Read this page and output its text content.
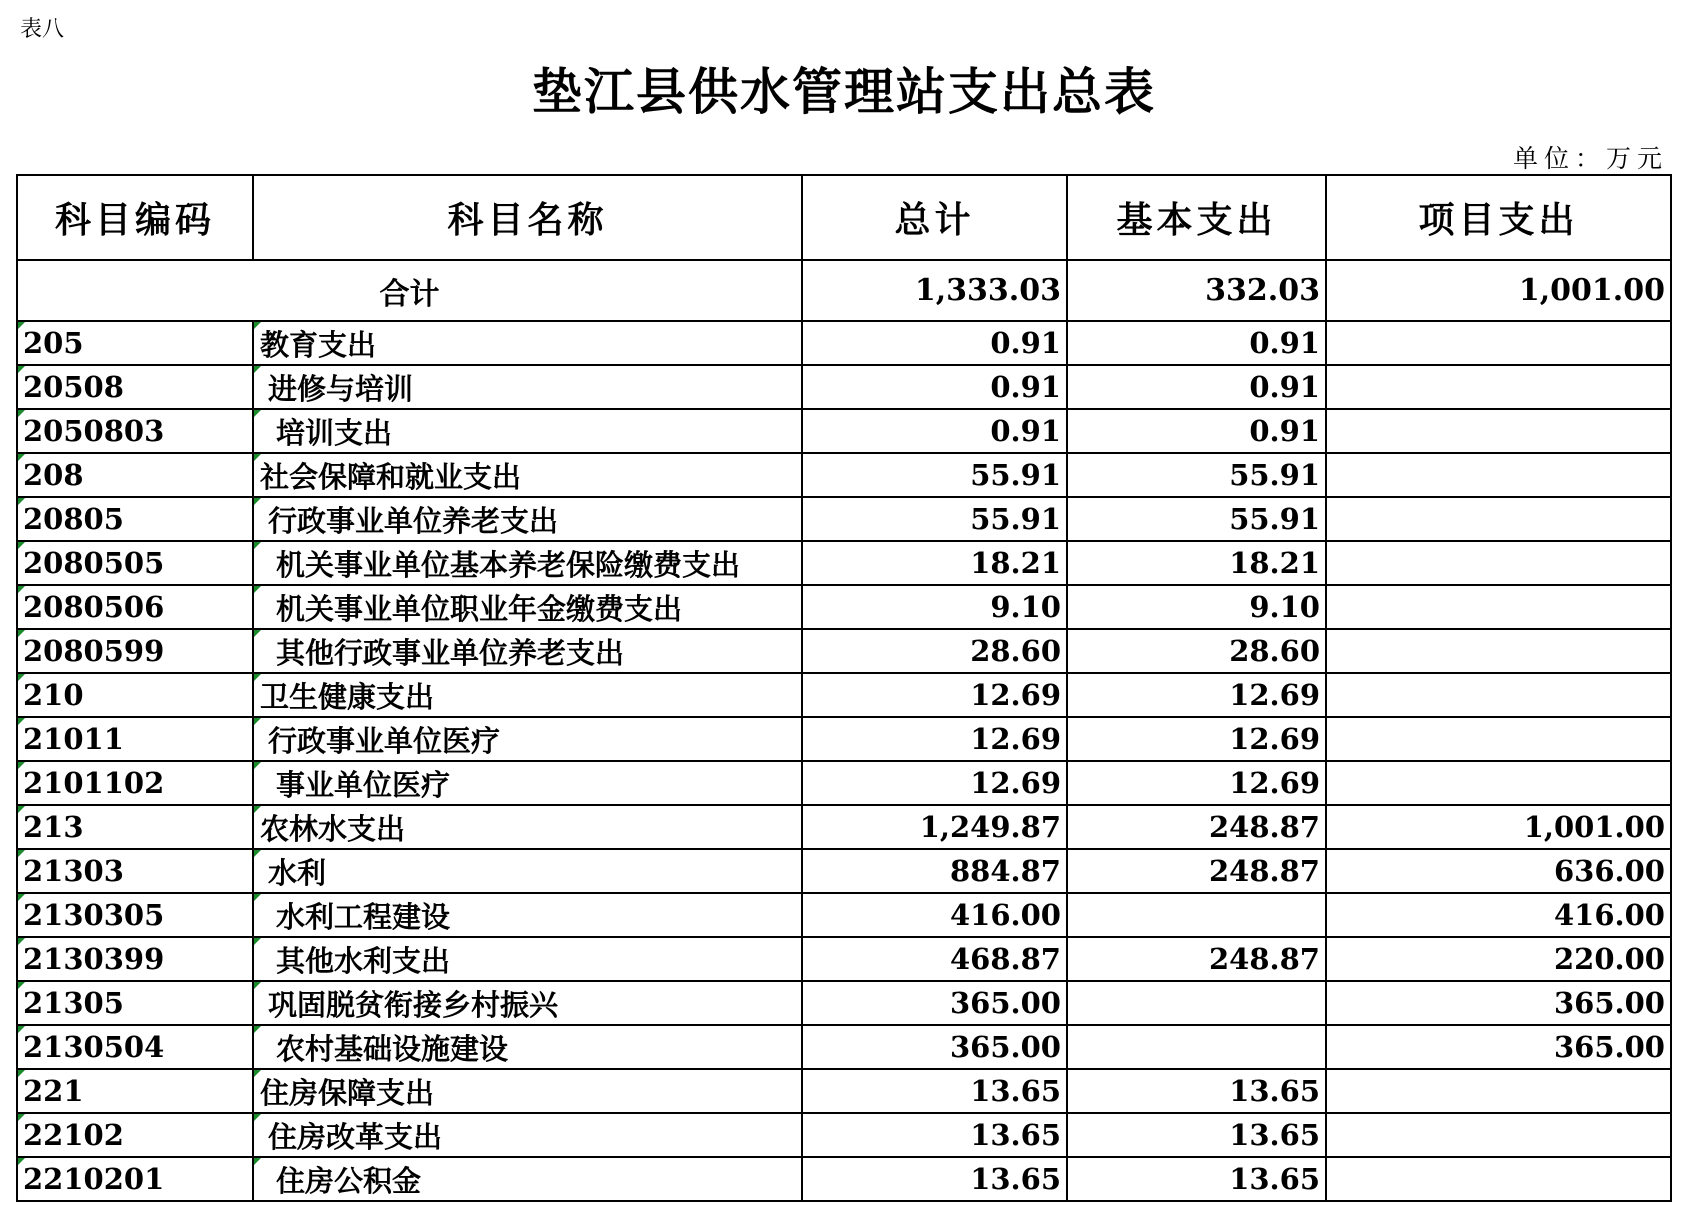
表八
垫江县供水管理站支出总表
单位：万元
科目编码	科目名称	总计	基本支出	项目支出
合计		1,333.03	332.03	1,001.00
205	教育支出	0.91	0.91	
20508	进修与培训	0.91	0.91	
2050803	培训支出	0.91	0.91	
208	社会保障和就业支出	55.91	55.91	
20805	行政事业单位养老支出	55.91	55.91	
2080505	机关事业单位基本养老保险缴费支出	18.21	18.21	
2080506	机关事业单位职业年金缴费支出	9.10	9.10	
2080599	其他行政事业单位养老支出	28.60	28.60	
210	卫生健康支出	12.69	12.69	
21011	行政事业单位医疗	12.69	12.69	
2101102	事业单位医疗	12.69	12.69	
213	农林水支出	1,249.87	248.87	1,001.00
21303	水利	884.87	248.87	636.00
2130305	水利工程建设	416.00		416.00
2130399	其他水利支出	468.87	248.87	220.00
21305	巩固脱贫衔接乡村振兴	365.00		365.00
2130504	农村基础设施建设	365.00		365.00
221	住房保障支出	13.65	13.65	
22102	住房改革支出	13.65	13.65	
2210201	住房公积金	13.65	13.65	
